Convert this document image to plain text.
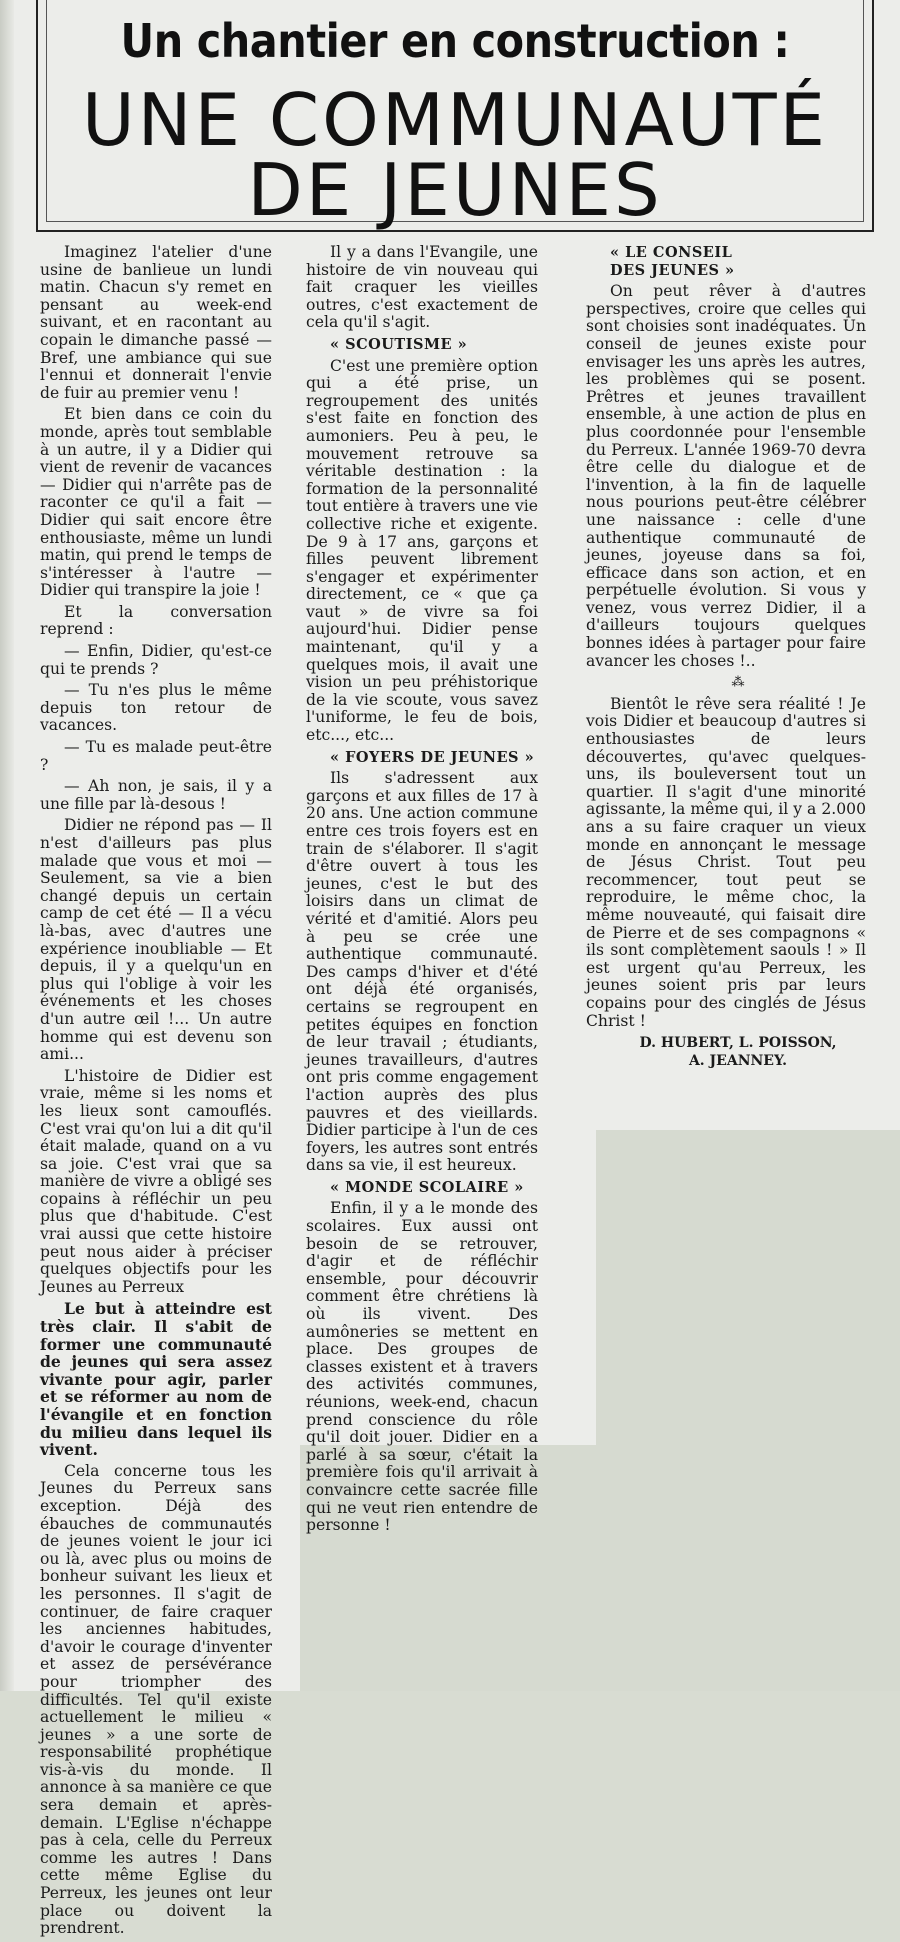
Un chantier en construction :
UNE COMMUNAUTÉ
DE JEUNES

Imaginez l'atelier d'une usine de banlieue un lundi matin. Chacun s'y remet en pensant au week-end suivant, et en racontant au copain le dimanche passé — Bref, une ambiance qui sue l'ennui et donnerait l'envie de fuir au premier venu !

Et bien dans ce coin du monde, après tout semblable à un autre, il y a Didier qui vient de revenir de vacances — Didier qui n'arrête pas de raconter ce qu'il a fait — Didier qui sait encore être enthousiaste, même un lundi matin, qui prend le temps de s'intéresser à l'autre — Didier qui transpire la joie !

Et la conversation reprend :

— Enfin, Didier, qu'est-ce qui te prends ?

— Tu n'es plus le même depuis ton retour de vacances.

— Tu es malade peut-être ?

— Ah non, je sais, il y a une fille par là-desous !

Didier ne répond pas — Il n'est d'ailleurs pas plus malade que vous et moi — Seulement, sa vie a bien changé depuis un certain camp de cet été — Il a vécu là-bas, avec d'autres une expérience inoubliable — Et depuis, il y a quelqu'un en plus qui l'oblige à voir les événements et les choses d'un autre œil !... Un autre homme qui est devenu son ami...

L'histoire de Didier est vraie, même si les noms et les lieux sont camouflés. C'est vrai qu'on lui a dit qu'il était malade, quand on a vu sa joie. C'est vrai que sa manière de vivre a obligé ses copains à réfléchir un peu plus que d'habitude. C'est vrai aussi que cette histoire peut nous aider à préciser quelques objectifs pour les Jeunes au Perreux

Le but à atteindre est très clair. Il s'abit de former une communauté de jeunes qui sera assez vivante pour agir, parler et se réformer au nom de l'évangile et en fonction du milieu dans lequel ils vivent.

Cela concerne tous les Jeunes du Perreux sans exception. Déjà des ébauches de communautés de jeunes voient le jour ici ou là, avec plus ou moins de bonheur suivant les lieux et les personnes. Il s'agit de continuer, de faire craquer les anciennes habitudes, d'avoir le courage d'inventer et assez de persévérance pour triompher des difficultés. Tel qu'il existe actuellement le milieu « jeunes » a une sorte de responsabilité prophétique vis-à-vis du monde. Il annonce à sa manière ce que sera demain et après-demain. L'Eglise n'échappe pas à cela, celle du Perreux comme les autres ! Dans cette même Eglise du Perreux, les jeunes ont leur place ou doivent la prendrent.

Il y a dans l'Evangile, une histoire de vin nouveau qui fait craquer les vieilles outres, c'est exactement de cela qu'il s'agit.

« SCOUTISME »

C'est une première option qui a été prise, un regroupement des unités s'est faite en fonction des aumoniers. Peu à peu, le mouvement retrouve sa véritable destination : la formation de la personnalité tout entière à travers une vie collective riche et exigente. De 9 à 17 ans, garçons et filles peuvent librement s'engager et expérimenter directement, ce « que ça vaut » de vivre sa foi aujourd'hui. Didier pense maintenant, qu'il y a quelques mois, il avait une vision un peu préhistorique de la vie scoute, vous savez l'uniforme, le feu de bois, etc..., etc...

« FOYERS DE JEUNES »

Ils s'adressent aux garçons et aux filles de 17 à 20 ans. Une action commune entre ces trois foyers est en train de s'élaborer. Il s'agit d'être ouvert à tous les jeunes, c'est le but des loisirs dans un climat de vérité et d'amitié. Alors peu à peu se crée une authentique communauté. Des camps d'hiver et d'été ont déjà été organisés, certains se regroupent en petites équipes en fonction de leur travail ; étudiants, jeunes travailleurs, d'autres ont pris comme engagement l'action auprès des plus pauvres et des vieillards. Didier participe à l'un de ces foyers, les autres sont entrés dans sa vie, il est heureux.

« MONDE SCOLAIRE »

Enfin, il y a le monde des scolaires. Eux aussi ont besoin de se retrouver, d'agir et de réfléchir ensemble, pour découvrir comment être chrétiens là où ils vivent. Des aumôneries se mettent en place. Des groupes de classes existent et à travers des activités communes, réunions, week-end, chacun prend conscience du rôle qu'il doit jouer. Didier en a parlé à sa sœur, c'était la première fois qu'il arrivait à convaincre cette sacrée fille qui ne veut rien entendre de personne !

« LE CONSEIL
DES JEUNES »

On peut rêver à d'autres perspectives, croire que celles qui sont choisies sont inadéquates. Un conseil de jeunes existe pour envisager les uns après les autres, les problèmes qui se posent. Prêtres et jeunes travaillent ensemble, à une action de plus en plus coordonnée pour l'ensemble du Perreux. L'année 1969-70 devra être celle du dialogue et de l'invention, à la fin de laquelle nous pourions peut-être célébrer une naissance : celle d'une authentique communauté de jeunes, joyeuse dans sa foi, efficace dans son action, et en perpétuelle évolution. Si vous y venez, vous verrez Didier, il a d'ailleurs toujours quelques bonnes idées à partager pour faire avancer les choses !..

⁂

Bientôt le rêve sera réalité ! Je vois Didier et beaucoup d'autres si enthousiastes de leurs découvertes, qu'avec quelques-uns, ils bouleversent tout un quartier. Il s'agit d'une minorité agissante, la même qui, il y a 2.000 ans a su faire craquer un vieux monde en annonçant le message de Jésus Christ. Tout peu recommencer, tout peut se reproduire, le même choc, la même nouveauté, qui faisait dire de Pierre et de ses compagnons « ils sont complètement saouls ! » Il est urgent qu'au Perreux, les jeunes soient pris par leurs copains pour des cinglés de Jésus Christ !

D. HUBERT, L. POISSON,
A. JEANNEY.
